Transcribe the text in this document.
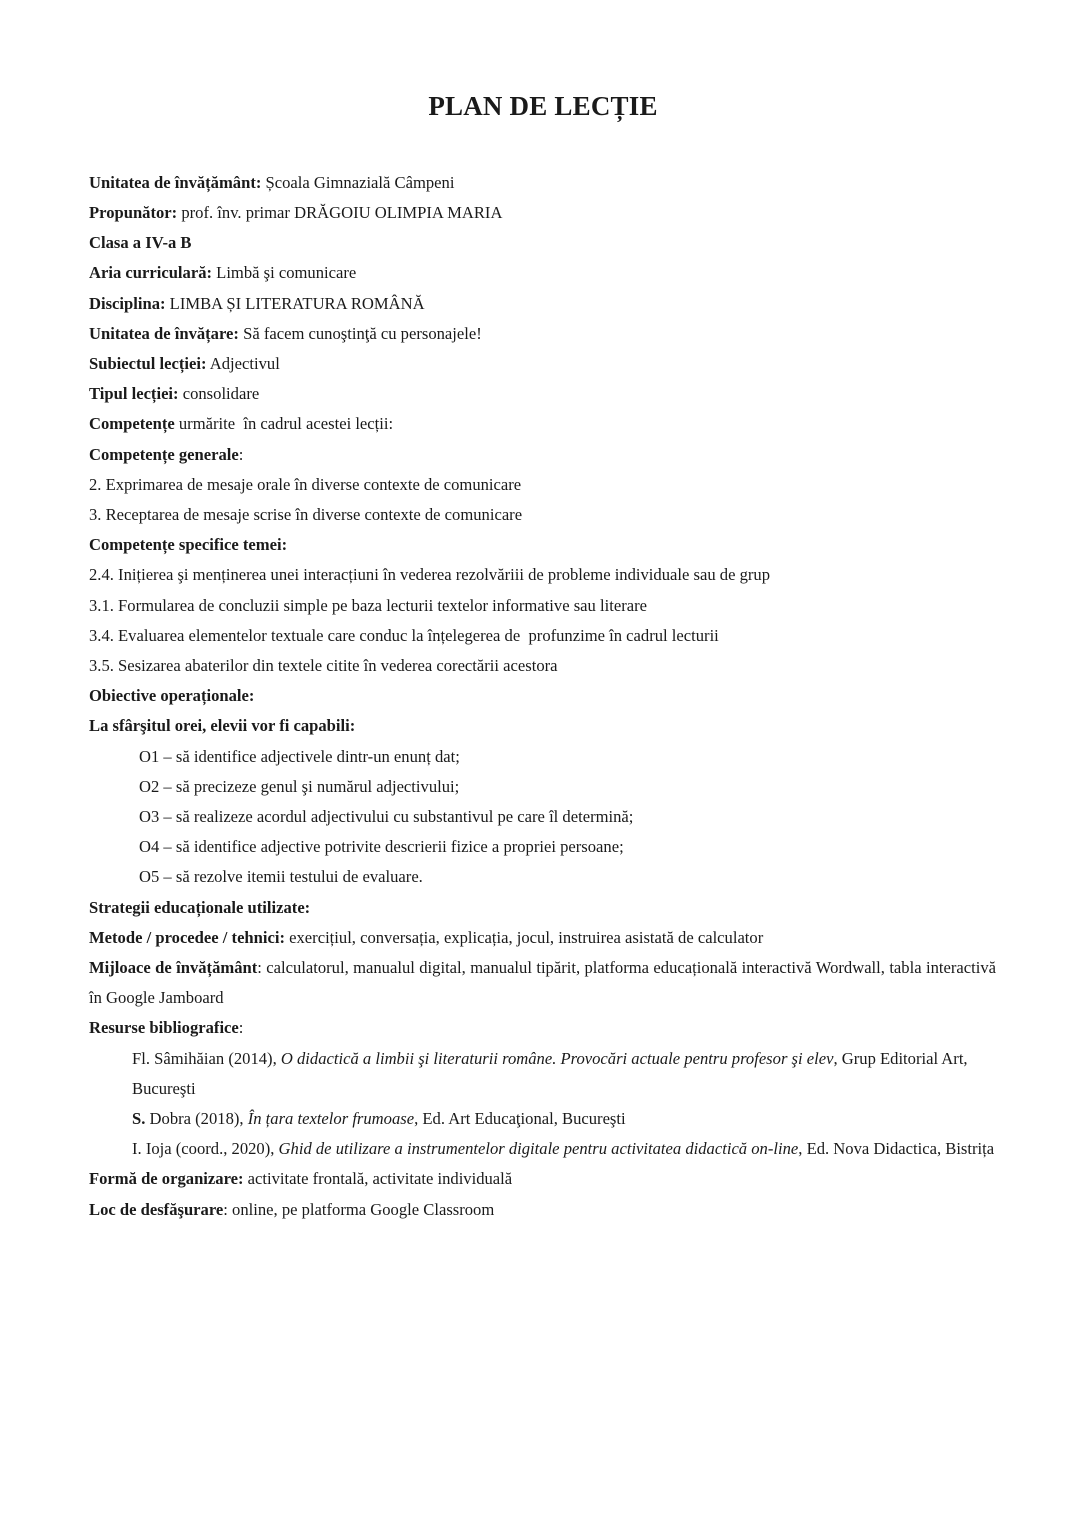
PLAN DE LECȚIE

Unitatea de învățământ: Școala Gimnazială Câmpeni

Propunător: prof. înv. primar DRĂGOIU OLIMPIA MARIA

Clasa a IV-a B

Aria curriculară: Limbă şi comunicare

Disciplina: LIMBA ȘI LITERATURA ROMÂNĂ

Unitatea de învățare: Să facem cunoştinţă cu personajele!

Subiectul lecției: Adjectivul

Tipul lecției: consolidare

Competențe urmărite  în cadrul acestei lecții:

Competențe generale:

2. Exprimarea de mesaje orale în diverse contexte de comunicare

3. Receptarea de mesaje scrise în diverse contexte de comunicare

Competențe specifice temei:

2.4. Inițierea şi menținerea unei interacțiuni în vederea rezolvăriii de probleme individuale sau de grup

3.1. Formularea de concluzii simple pe baza lecturii textelor informative sau literare

3.4. Evaluarea elementelor textuale care conduc la înțelegerea de  profunzime în cadrul lecturii

3.5. Sesizarea abaterilor din textele citite în vederea corectării acestora

Obiective operaționale:

La sfârşitul orei, elevii vor fi capabili:

O1 – să identifice adjectivele dintr-un enunț dat;

O2 – să precizeze genul şi numărul adjectivului;

O3 – să realizeze acordul adjectivului cu substantivul pe care îl determină;

O4 – să identifice adjective potrivite descrierii fizice a propriei persoane;

O5 – să rezolve itemii testului de evaluare.

Strategii educaționale utilizate:

Metode / procedee / tehnici: exercițiul, conversația, explicația, jocul, instruirea asistată de calculator

Mijloace de învățământ: calculatorul, manualul digital, manualul tipărit, platforma educațională interactivă Wordwall, tabla interactivă în Google Jamboard

Resurse bibliografice:

Fl. Sâmihăian (2014), O didactică a limbii şi literaturii române. Provocări actuale pentru profesor şi elev, Grup Editorial Art, Bucureşti

S. Dobra (2018), În țara textelor frumoase, Ed. Art Educaţional, Bucureşti

I. Ioja (coord., 2020), Ghid de utilizare a instrumentelor digitale pentru activitatea didactică on-line, Ed. Nova Didactica, Bistrița

Formă de organizare: activitate frontală, activitate individuală

Loc de desfăşurare: online, pe platforma Google Classroom
